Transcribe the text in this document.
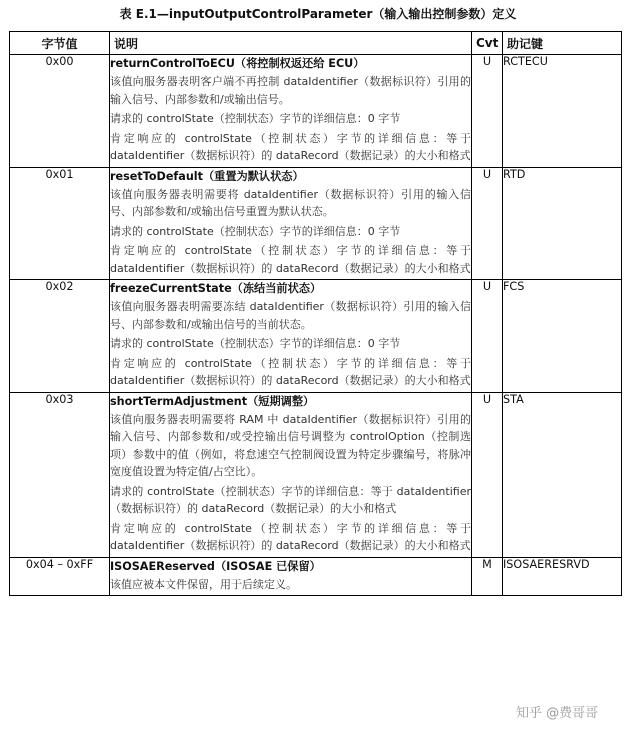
表 E.1—inputOutputControlParameter（输入输出控制参数）定义
字节值	说明	Cvt	助记键
0x00	returnControlToECU（将控制权返还给 ECU）
该值向服务器表明客户端不再控制 dataIdentifier（数据标识符）引用的输入信号、内部参数和/或输出信号。
请求的 controlState（控制状态）字节的详细信息：0 字节
肯定响应的 controlState（控制状态）字节的详细信息：等于 dataIdentifier（数据标识符）的 dataRecord（数据记录）的大小和格式	U	RCTECU
0x01	resetToDefault（重置为默认状态）
该值向服务器表明需要将 dataIdentifier（数据标识符）引用的输入信号、内部参数和/或输出信号重置为默认状态。
请求的 controlState（控制状态）字节的详细信息：0 字节
肯定响应的 controlState（控制状态）字节的详细信息：等于 dataIdentifier（数据标识符）的 dataRecord（数据记录）的大小和格式	U	RTD
0x02	freezeCurrentState（冻结当前状态）
该值向服务器表明需要冻结 dataIdentifier（数据标识符）引用的输入信号、内部参数和/或输出信号的当前状态。
请求的 controlState（控制状态）字节的详细信息：0 字节
肯定响应的 controlState（控制状态）字节的详细信息：等于 dataIdentifier（数据标识符）的 dataRecord（数据记录）的大小和格式	U	FCS
0x03	shortTermAdjustment（短期调整）
该值向服务器表明需要将 RAM 中 dataIdentifier（数据标识符）引用的输入信号、内部参数和/或受控输出信号调整为 controlOption（控制选项）参数中的值（例如，将怠速空气控制阀设置为特定步骤编号，将脉冲宽度值设置为特定值/占空比）。
请求的 controlState（控制状态）字节的详细信息：等于 dataIdentifier（数据标识符）的 dataRecord（数据记录）的大小和格式
肯定响应的 controlState（控制状态）字节的详细信息：等于 dataIdentifier（数据标识符）的 dataRecord（数据记录）的大小和格式	U	STA
0x04 – 0xFF	ISOSAEReserved（ISOSAE 已保留）
该值应被本文件保留，用于后续定义。	M	ISOSAERESRVD
知乎 @费哥哥
